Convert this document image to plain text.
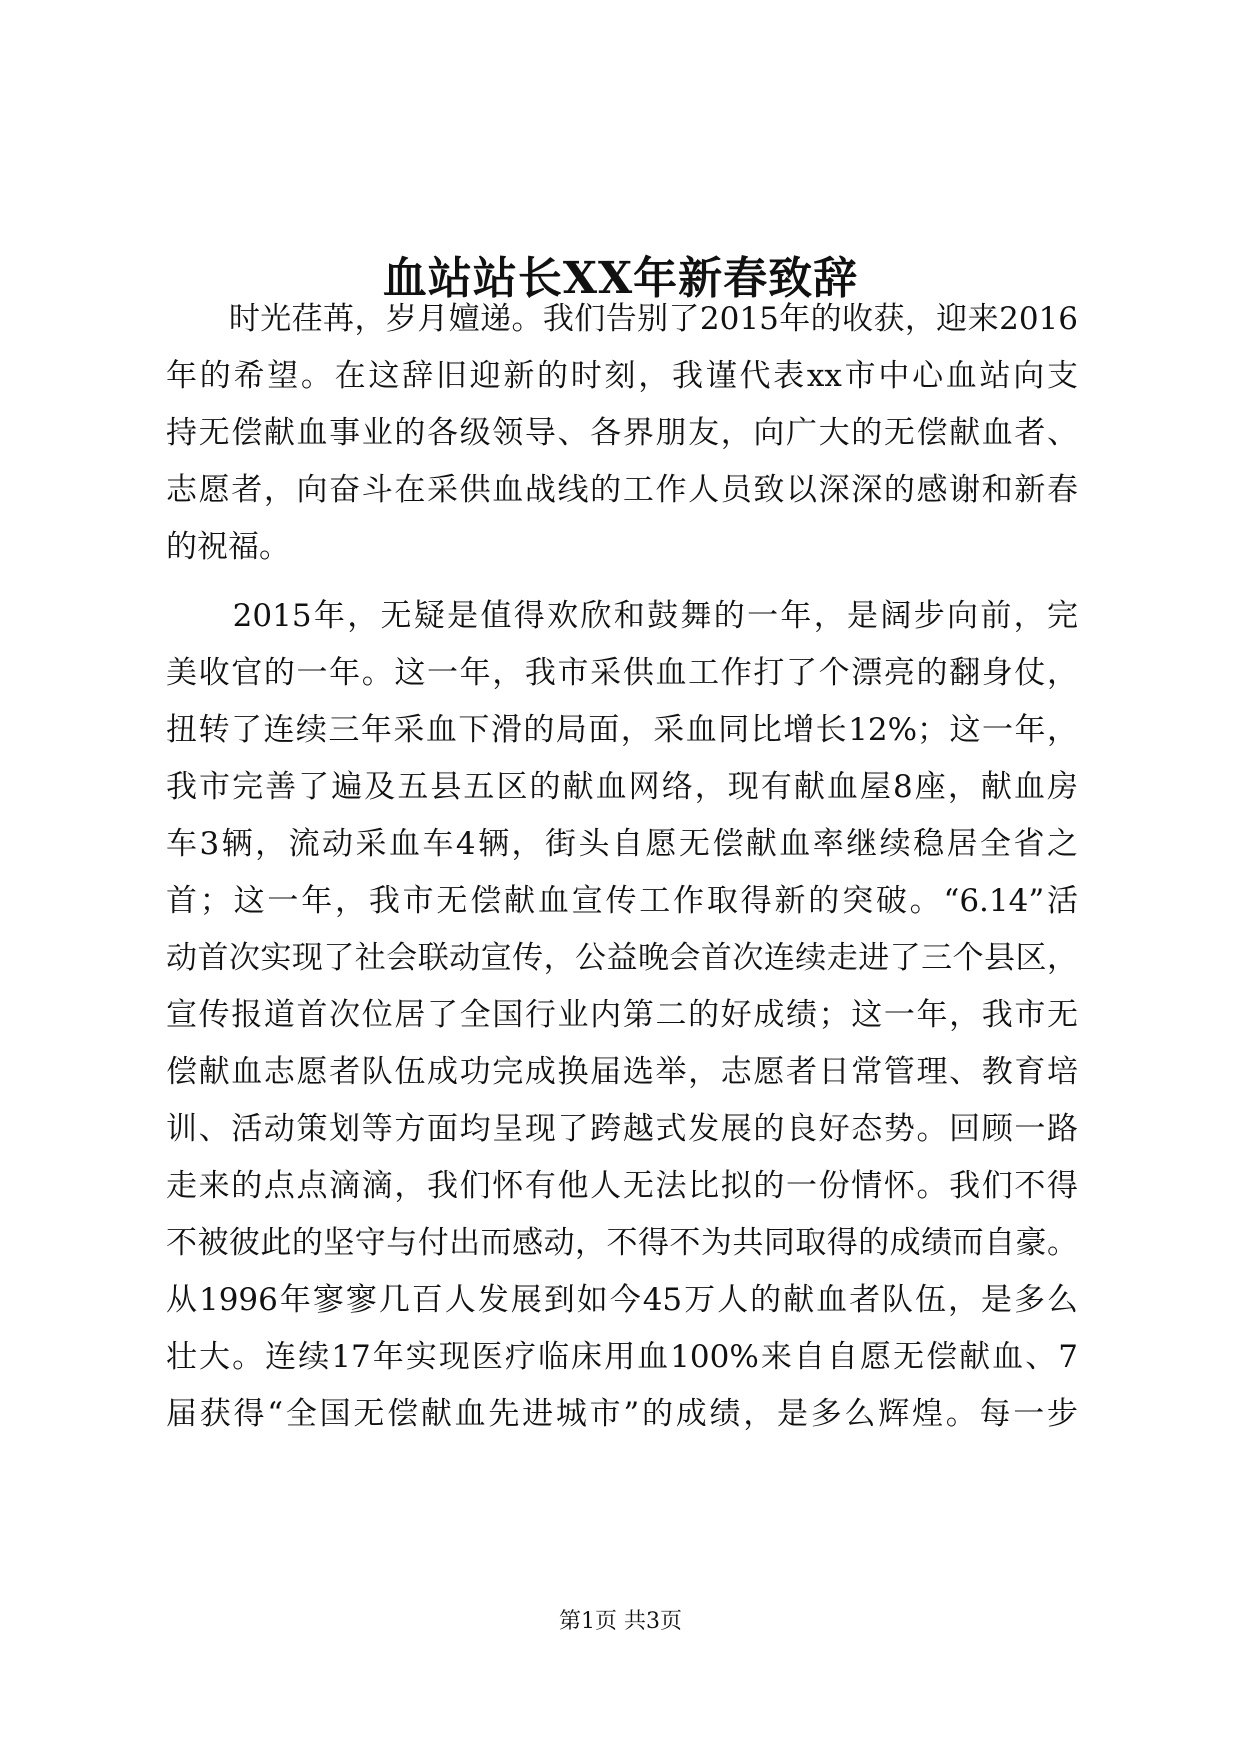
血站站长XX年新春致辞
　　时光荏苒，岁月嬗递。我们告别了2015年的收获，迎来2016
年的希望。在这辞旧迎新的时刻，我谨代表xx市中心血站向支
持无偿献血事业的各级领导、各界朋友，向广大的无偿献血者、
志愿者，向奋斗在采供血战线的工作人员致以深深的感谢和新春
的祝福。
　　2015年，无疑是值得欢欣和鼓舞的一年，是阔步向前，完
美收官的一年。这一年，我市采供血工作打了个漂亮的翻身仗，
扭转了连续三年采血下滑的局面，采血同比增长12%；这一年，
我市完善了遍及五县五区的献血网络，现有献血屋8座，献血房
车3辆，流动采血车4辆，街头自愿无偿献血率继续稳居全省之
首；这一年，我市无偿献血宣传工作取得新的突破。“6.14”活
动首次实现了社会联动宣传，公益晚会首次连续走进了三个县区，
宣传报道首次位居了全国行业内第二的好成绩；这一年，我市无
偿献血志愿者队伍成功完成换届选举，志愿者日常管理、教育培
训、活动策划等方面均呈现了跨越式发展的良好态势。回顾一路
走来的点点滴滴，我们怀有他人无法比拟的一份情怀。我们不得
不被彼此的坚守与付出而感动，不得不为共同取得的成绩而自豪。
从1996年寥寥几百人发展到如今45万人的献血者队伍，是多么
壮大。连续17年实现医疗临床用血100%来自自愿无偿献血、7
届获得“全国无偿献血先进城市”的成绩，是多么辉煌。每一步
第1页 共3页
